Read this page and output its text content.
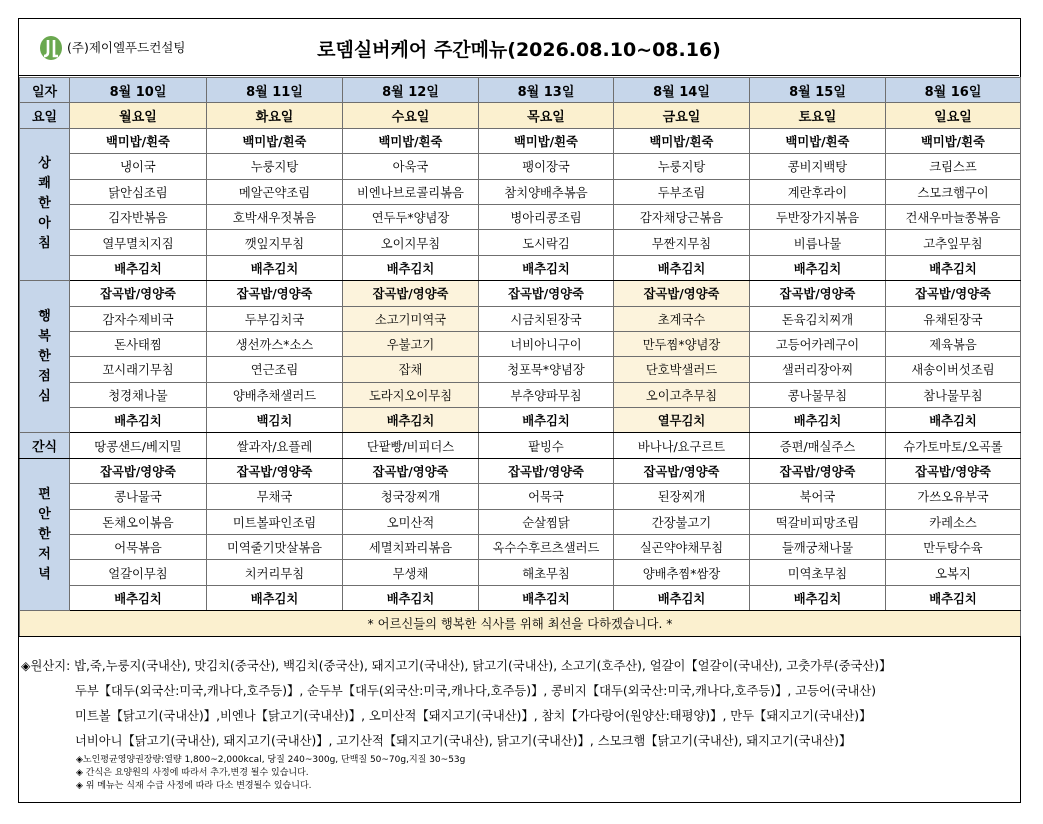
(주)제이엘푸드컨설팅	로뎀실버케어 주간메뉴(2026.08.10~08.16)
일자	8월 10일	8월 11일	8월 12일	8월 13일	8월 14일	8월 15일	8월 16일
요일	월요일	화요일	수요일	목요일	금요일	토요일	일요일
상
쾌
한
아
침	백미밥/흰죽	백미밥/흰죽	백미밥/흰죽	백미밥/흰죽	백미밥/흰죽	백미밥/흰죽	백미밥/흰죽
	냉이국	누룽지탕	아욱국	팽이장국	누룽지탕	콩비지백탕	크림스프
	닭안심조림	메알곤약조림	비엔나브로콜리볶음	참치양배추볶음	두부조림	계란후라이	스모크햄구이
	김자반볶음	호박새우젓볶음	연두두*양념장	병아리콩조림	감자채당근볶음	두반장가지볶음	건새우마늘쫑볶음
	열무멸치지짐	깻잎지무침	오이지무침	도시락김	무짠지무침	비름나물	고추잎무침
	배추김치	배추김치	배추김치	배추김치	배추김치	배추김치	배추김치
행
복
한
점
심	잡곡밥/영양죽	잡곡밥/영양죽	잡곡밥/영양죽	잡곡밥/영양죽	잡곡밥/영양죽	잡곡밥/영양죽	잡곡밥/영양죽
	감자수제비국	두부김치국	소고기미역국	시금치된장국	초계국수	돈육김치찌개	유채된장국
	돈사태찜	생선까스*소스	우불고기	너비아니구이	만두찜*양념장	고등어카레구이	제육볶음
	꼬시래기무침	연근조림	잡채	청포묵*양념장	단호박샐러드	샐러리장아찌	새송이버섯조림
	청경채나물	양배추채샐러드	도라지오이무침	부추양파무침	오이고추무침	콩나물무침	참나물무침
	배추김치	백김치	배추김치	배추김치	열무김치	배추김치	배추김치
간식	땅콩샌드/베지밀	쌀과자/요플레	단팥빵/비피더스	팥빙수	바나나/요구르트	증편/매실주스	슈가토마토/오곡롤
편
안
한
저
녁	잡곡밥/영양죽	잡곡밥/영양죽	잡곡밥/영양죽	잡곡밥/영양죽	잡곡밥/영양죽	잡곡밥/영양죽	잡곡밥/영양죽
	콩나물국	무채국	청국장찌개	어묵국	된장찌개	북어국	가쓰오유부국
	돈채오이볶음	미트볼파인조림	오미산적	순살찜닭	간장불고기	떡갈비피망조림	카레소스
	어묵볶음	미역줄기맛살볶음	세멸치꽈리볶음	옥수수후르츠샐러드	실곤약야채무침	들깨궁채나물	만두탕수육
	얼갈이무침	치커리무침	무생채	해초무침	양배추찜*쌈장	미역초무침	오복지
	배추김치	배추김치	배추김치	배추김치	배추김치	배추김치	배추김치
* 어르신들의 행복한 식사를 위해 최선을 다하겠습니다. *							
◈원산지: 밥,죽,누룽지(국내산), 맛김치(중국산), 백김치(중국산), 돼지고기(국내산), 닭고기(국내산), 소고기(호주산), 얼갈이【얼갈이(국내산), 고춧가루(중국산)】
두부【대두(외국산:미국,캐나다,호주등)】, 순두부【대두(외국산:미국,캐나다,호주등)】, 콩비지【대두(외국산:미국,캐나다,호주등)】, 고등어(국내산)
미트볼【닭고기(국내산)】,비엔나【닭고기(국내산)】, 오미산적【돼지고기(국내산)】, 참치【가다랑어(원양산:태평양)】, 만두【돼지고기(국내산)】
너비아니【닭고기(국내산), 돼지고기(국내산)】, 고기산적【돼지고기(국내산), 닭고기(국내산)】, 스모크햄【닭고기(국내산), 돼지고기(국내산)】
◈노인평균영양권장량:열량 1,800~2,000kcal, 당질 240~300g, 단백질 50~70g,지질 30~53g
◈ 간식은 요양원의 사정에 따라서 추가,변경 될수 있습니다.
◈ 위 메뉴는 식재 수급 사정에 따라 다소 변경될수 있습니다.
